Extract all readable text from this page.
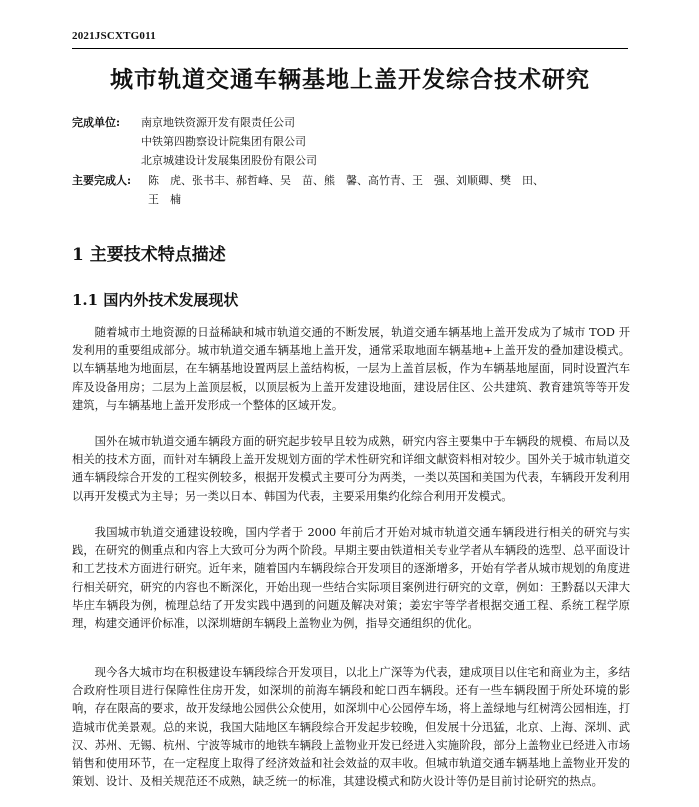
2021JSCXTG011
城市轨道交通车辆基地上盖开发综合技术研究
完成单位: 南京地铁资源开发有限责任公司
中铁第四勘察设计院集团有限公司
北京城建设计发展集团股份有限公司
主要完成人: 陈　虎、张书丰、郝哲峰、吴　苗、熊　馨、高竹青、王　强、刘顺卿、樊　田、
王　楠
1 主要技术特点描述
1.1 国内外技术发展现状

随着城市土地资源的日益稀缺和城市轨道交通的不断发展，轨道交通车辆基地上盖开发成为了城市 TOD 开发利用的重要组成部分。城市轨道交通车辆基地上盖开发，通常采取地面车辆基地+上盖开发的叠加建设模式。以车辆基地为地面层，在车辆基地设置两层上盖结构板，一层为上盖首层板，作为车辆基地屋面，同时设置汽车库及设备用房；二层为上盖顶层板，以顶层板为上盖开发建设地面，建设居住区、公共建筑、教育建筑等等开发建筑，与车辆基地上盖开发形成一个整体的区域开发。

国外在城市轨道交通车辆段方面的研究起步较早且较为成熟，研究内容主要集中于车辆段的规模、布局以及相关的技术方面，而针对车辆段上盖开发规划方面的学术性研究和详细文献资料相对较少。国外关于城市轨道交通车辆段综合开发的工程实例较多，根据开发模式主要可分为两类，一类以英国和美国为代表，车辆段开发利用以再开发模式为主导；另一类以日本、韩国为代表，主要采用集约化综合利用开发模式。

我国城市轨道交通建设较晚，国内学者于 2000 年前后才开始对城市轨道交通车辆段进行相关的研究与实践，在研究的侧重点和内容上大致可分为两个阶段。早期主要由铁道相关专业学者从车辆段的选型、总平面设计和工艺技术方面进行研究。近年来，随着国内车辆段综合开发项目的逐渐增多，开始有学者从城市规划的角度进行相关研究，研究的内容也不断深化，开始出现一些结合实际项目案例进行研究的文章，例如：王黔磊以天津大毕庄车辆段为例，梳理总结了开发实践中遇到的问题及解决对策；姜宏宇等学者根据交通工程、系统工程学原理，构建交通评价标准，以深圳塘朗车辆段上盖物业为例，指导交通组织的优化。

现今各大城市均在积极建设车辆段综合开发项目，以北上广深等为代表，建成项目以住宅和商业为主，多结合政府性项目进行保障性住房开发，如深圳的前海车辆段和蛇口西车辆段。还有一些车辆段囿于所处环境的影响，存在限高的要求，故开发绿地公园供公众使用，如深圳中心公园停车场，将上盖绿地与红树湾公园相连，打造城市优美景观。总的来说，我国大陆地区车辆段综合开发起步较晚，但发展十分迅猛，北京、上海、深圳、武汉、苏州、无锡、杭州、宁波等城市的地铁车辆段上盖物业开发已经进入实施阶段，部分上盖物业已经进入市场销售和使用环节，在一定程度上取得了经济效益和社会效益的双丰收。但城市轨道交通车辆基地上盖物业开发的策划、设计、及相关规范还不成熟，缺乏统一的标准，其建设模式和防火设计等仍是目前讨论研究的热点。
